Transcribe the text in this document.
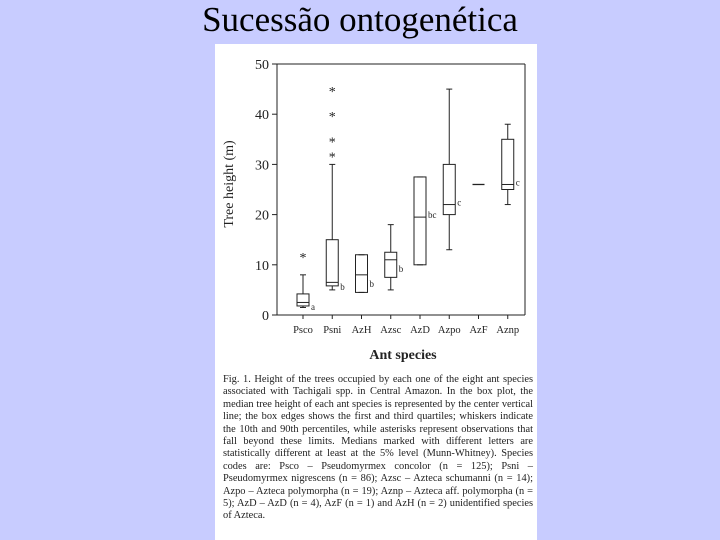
Sucessão ontogenética
0
10
20
30
40
50
Psco Psni AzH Azsc AzD Azpo AzF Aznp
a
*
b
*
*
*
*
b
b
bc
c
c
Tree height (m)
Ant species
Fig. 1. Height of the trees occupied by each one of the eight ant species associated with Tachigali spp. in Central Amazon. In the box plot, the median tree height of each ant species is represented by the center vertical line; the box edges shows the first and third quartiles; whiskers indicate the 10th and 90th percentiles, while asterisks represent observations that fall beyond these limits. Medians marked with different letters are statistically different at least at the 5% level (Munn-Whitney). Species codes are: Psco – Pseudomyrmex concolor (n = 125); Psni – Pseudomyrmex nigrescens (n = 86); Azsc – Azteca schumanni (n = 14); Azpo – Azteca polymorpha (n = 19); Aznp – Azteca aff. polymorpha (n = 5); AzD – AzD (n = 4), AzF (n = 1) and AzH (n = 2) unidentified species of Azteca.
